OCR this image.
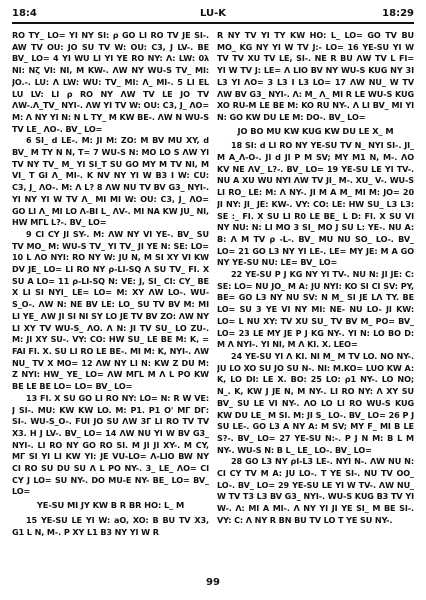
18:4	LU-K	18:29

RO TY_ LO= YI NY SI: ρ GO LI RO TV JE SI-. AW TV OU: JO SU TV W: OU: C3, J LV-. BE BV_ LO= 4 YI WU LI YI YE RO NY: Λ: LW: 0λ NI: Nζ VI: NI, M KW-. ΛW NY WU-S TV_ MI: JO.-. LU: Λ LW: WU: TV_ MI: Λ_ MI-. 5 LI EL LU LV: LI ρ RO NY ΛW TV LE JO TV ΛW-.Λ_TV_ NYI-. ΛW YI TV W: OU: C3, J_ ΛO= M: Λ NY YI N: N L TY_ M KW BE-. ΛW N WU-S TV LE_ ΛO-. BV_ LO=

6 SI_ d LE-. M: JI M: ZO: M BV MU XY, d BV_ M TY N N, T= 7 WU-S N: MO LO S ΛW YI TV NY TV_ M_ YI SI_T SU GO MY M TV NI, M VI_ T GI Λ_ MI-. K NV NY YI W B3 I W: CU: C3, J_ ΛO-. M: Λ L? 8 ΛW NU TV BV G3_ NYI-. YI NY YI W TV Λ_ MI MI W: OU: C3, J_ ΛO= GO LI Λ_ MI LO Λ-BI L_ ΛV-. MI NA KW JU_ NI, HW MΓL L?-. BV_ LO=

9 CI CY JI SY-. M: ΛW NY VI YE-. BV_ SU TV MO_ M: WU-S TV_ YI TV_ JI YE N: SE: LO= 10 L ΛO NYI: RO NY W: JU N, M SI XY VI KW DV JE_ LO= LI RO NY ρ-LI-SQ Λ SU TV_ FI. X SU A LO= 11 ρ-LI-SQ N: VE: J, SI_ CI: CY_ BE X LI SI NYI_ LE= LO= M: XY ΛW LO-. WU-S_O-. ΛW N: NE BV LE: LO_ SU TV BV M: MI LI YE_ ΛW JI SI NI SY LO JE TV BV ZO: ΛW NY LI XY TV WU-S_ ΛO. Λ N: JI TV SU_ LO ZU-. M: JI XY SU-. VY: CO: HW SU_ LE BE M: K, = FAI FI. X. SU LI RO LE BE-. MI M: K, NYI-. ΛW NU_ TV X MO= 12 ΛW NY LI N: KW Z DU M: Z NYI: HW_ YE_ LO= ΛW MΓL M Λ L PO KW BE LE BE LO= LO= BV_ LO=

13 FI. X SU GO LI RO NY: LO= N: R W VE: J SI-. MU: KW KW LO. M: P1. P1 O' MΓ DΓ: SI-. WU-S_O-. FUI JO SU ΛW 3Γ LI RO TV TV X3. H J LV-. BV_ LO= 14 ΛW NU YI W BV G3_ NYI-. LI RO NY GO RO SI. M JI JI XY-. M CY, MΓ SI YI LI KW YI: JE VU-LO= Λ-LIO BW NY CI RO SU DU SU Λ L PO NY-. 3_ LE_ ΛO= CI CY J LO= SU NY-. DO MU-E NY- BE_ LO= BV_ LO=

YE-SU MI JY KW B R BR HO: L_ M

15 YE-SU LE YI W: aO, XO: B BU TV X3, G1 L N, M-. P XY L1 B3 NY YI W R

R NY TV YI TY KW HO: L_ LO= GO TV BU MO_ KG NY YI W TV J:- LO= 16 YE-SU YI W TV TV XU TV LE, SI-. NE R BU ΛW TV L FI= YI W TV J: LE= Λ LIO BV NY WU-S KUG NY 3I L3 YI ΛO= 3 L3 I L3 LO= 17 ΛW NU_ W TV ΛW BV G3_ NYI-. Λ: M_ Λ_ MI R LE WU-S KUG XO RU-M LE BE M: KO RU NY-. Λ LI BV_ MI YI N: GO KW DU LE M: DO-. BV_ LO=

JO BO MU KW KUG KW DU LE X_ M

18 SI: d LI RO NY YE-SU TV N_ NYI SI-. JI_ M A_Λ-O-. JI d JI P M SV; MY M1 N, M-. ΛO KV NE ΛV_ L?-. BV_ LO= 19 YE-SU LE YI TV-. NU A XU WU NYI ΛW TV JI_ M-. XU_ V-. WU-S LI RO_ LE: M: Λ NY-. JI M A M_ MI M: JO= 20 JI NY: JI_ JE: KW-. VY: CO: LE: HW SU_ L3 L3: SE :_ FI. X SU LI R0 LE BE_ L D: FI. X SU VI NY NU: N: LI MO 3 SI_ MO J SU L: YE-. NU A: B: Λ M TV ρ -L-. BV_ MU NU SO_ LO-. BV_ LO= 21 GO L3 NY YI LE-. LE= MY JE: M A GO NY YE-SU NU: LE= BV_ LO=

22 YE-SU P J KG NY YI TV-. NU N: JI JE: C: SE: LO= NU JO_ M A: JU NYI: KO SI CI SV: PY, BE= GO L3 NY NU SV: N M_ SI JE LΛ TY. BE LO= SU 3 YE VI NY MI: NE- NU LO- JI KW: LO= L NU XY: TV XU SU_ TV BV M_ PO= BV_ LO= 23 LE MY JE P J KG NY-. YI N: LO BO D: M Λ NYI-. YI NI, M Λ KI. X. LEO=

24 YE-SU YI Λ KI. NI M_ M TV LO. NO NY-. JU LO XO SU JO SU N-. NI: M.KO= LUO KW A: K, LO DI: LE X. BO: 25 LO: ρ1 NY-. LO NO; N_. K, KW J JE N, M NY-. LI RO NY: Λ XY SU BV_ SU LE VI NY-. ΛO LO LI RO WU-S KUG KW DU LE_ M SI. M: JI S_ LO-. BV_ LO= 26 P J SU LE-. GO L3 A NY A: M SV; MY F_ MI B LE S?-. BV_ LO= 27 YE-SU N:-. P J N M: B L M NY-. WU-S N: B L_ LE_ LO-. BV_ LO=

28 GO L3 NY ρI-L3 LE-. NYI N-. ΛW NU N: CI CY TV M A: JU LO-. T YE SI-. NU TV OO_ LO-. BV_ LO= 29 YE-SU LE YI W TV-. ΛW NU_ W TV T3 L3 BV G3_ NYI-. WU-S KUG B3 TV YI W-. Λ: MI A MI-. Λ NY YI JI YE SI_ M BE SI-. VY: C: Λ NY R BN BU TV LO T YE SU NY-.

99
